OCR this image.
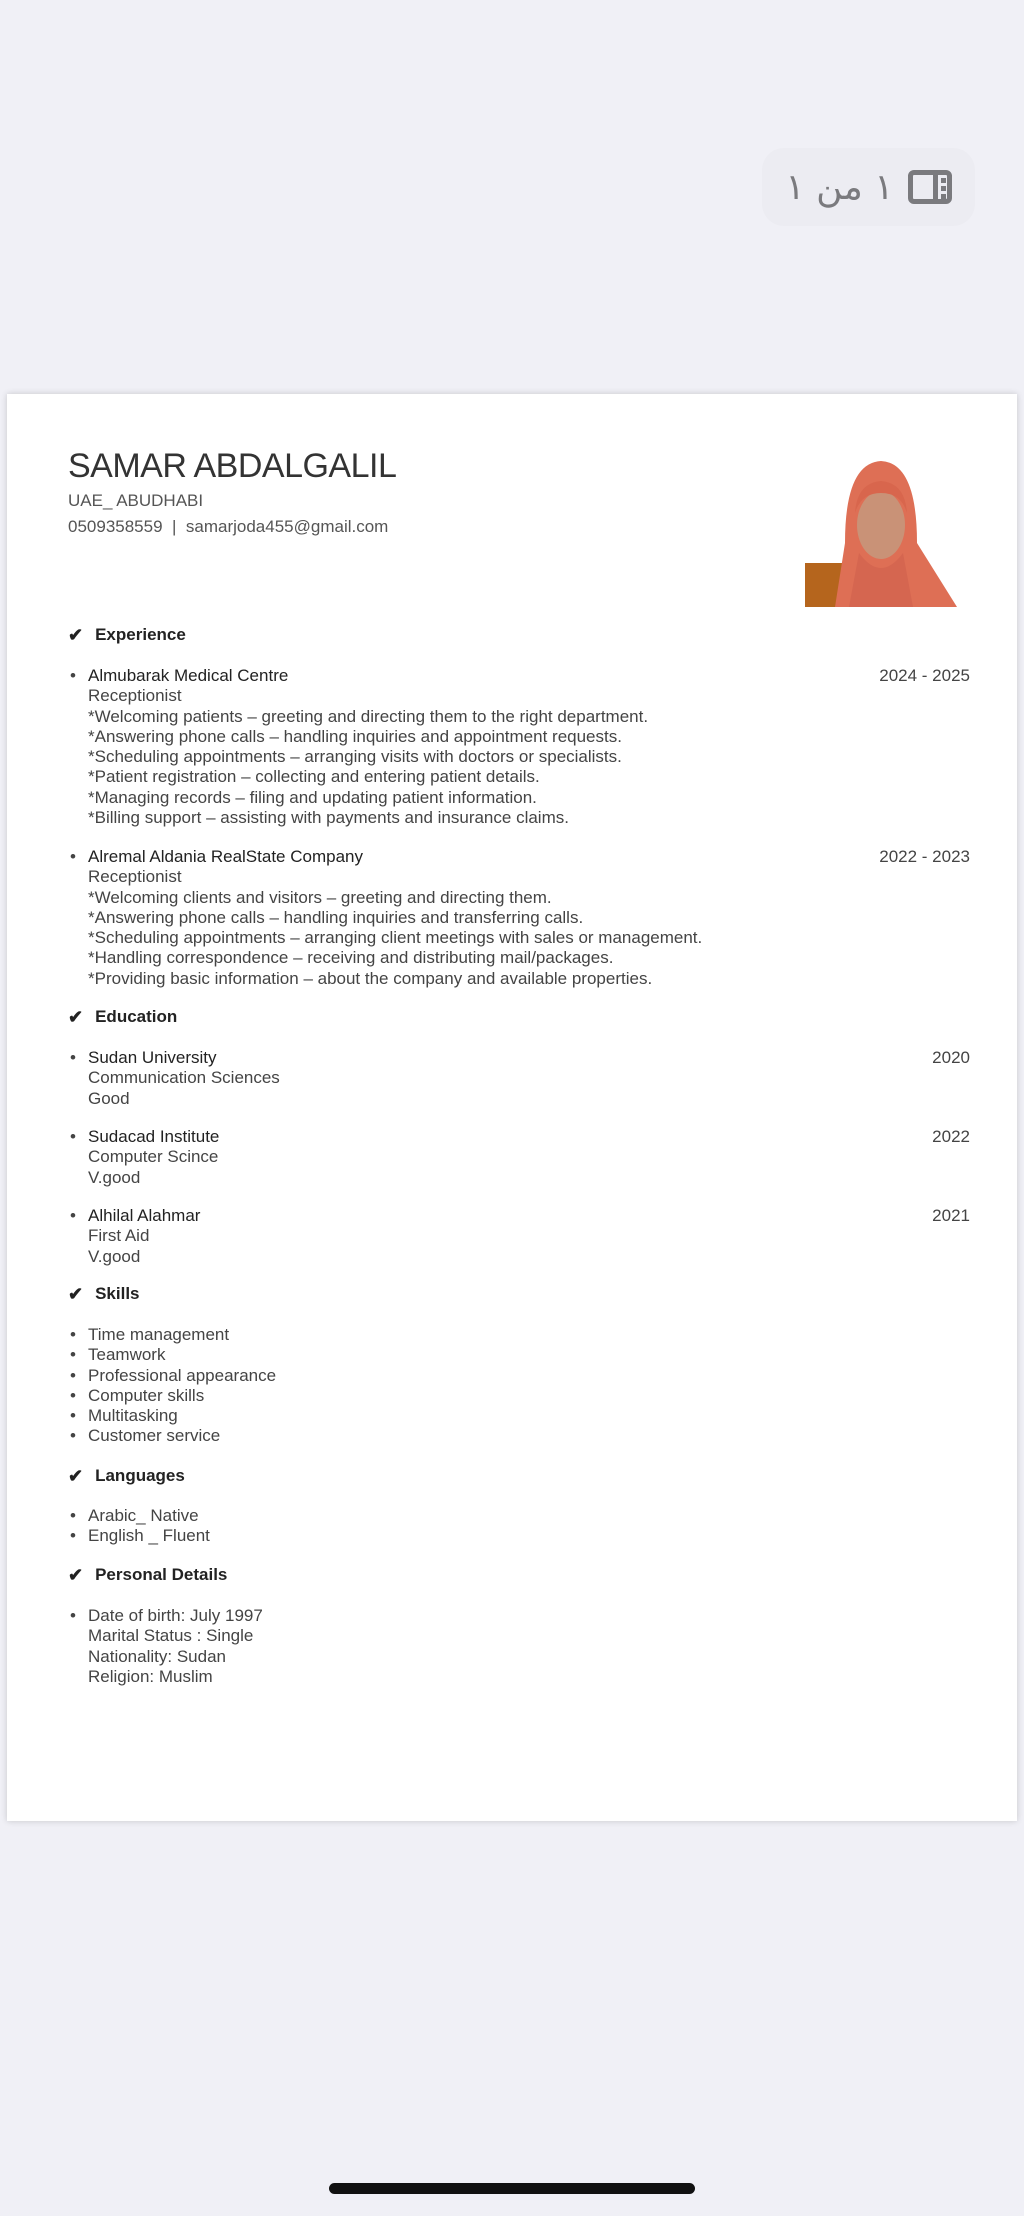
١ من ١
SAMAR ABDALGALIL
UAE_ ABUDHABI
0509358559 | samarjoda455@gmail.com
✔ Experience
• Almubarak Medical Centre	2024 - 2025
Receptionist
*Welcoming patients – greeting and directing them to the right department.
*Answering phone calls – handling inquiries and appointment requests.
*Scheduling appointments – arranging visits with doctors or specialists.
*Patient registration – collecting and entering patient details.
*Managing records – filing and updating patient information.
*Billing support – assisting with payments and insurance claims.
• Alremal Aldania RealState Company	2022 - 2023
Receptionist
*Welcoming clients and visitors – greeting and directing them.
*Answering phone calls – handling inquiries and transferring calls.
*Scheduling appointments – arranging client meetings with sales or management.
*Handling correspondence – receiving and distributing mail/packages.
*Providing basic information – about the company and available properties.
✔ Education
• Sudan University	2020
Communication Sciences
Good
• Sudacad Institute	2022
Computer Scince
V.good
• Alhilal Alahmar	2021
First Aid
V.good
✔ Skills
• Time management
• Teamwork
• Professional appearance
• Computer skills
• Multitasking
• Customer service
✔ Languages
• Arabic_ Native
• English _ Fluent
✔ Personal Details
• Date of birth: July 1997
Marital Status : Single
Nationality: Sudan
Religion: Muslim
